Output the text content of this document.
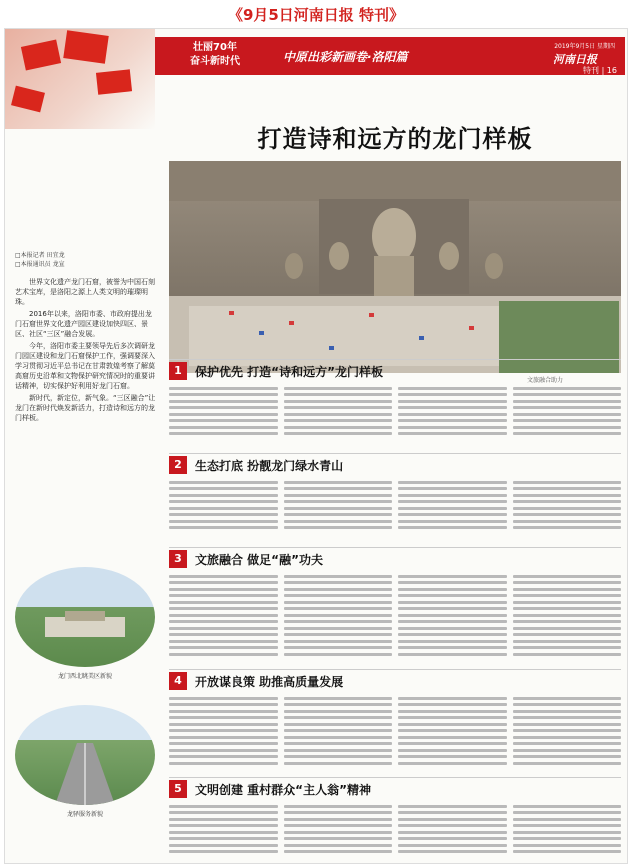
《9月5日河南日报 特刊》
壮丽70年
奋斗新时代	中原出彩新画卷·洛阳篇
2019年9月5日 星期四
河南日报
特刊 | 16
打造诗和远方的龙门样板
文旅融合助力
□本报记者 田宜龙
□本报通讯员 龙宣

世界文化遗产龙门石窟，被誉为中国石刻艺术宝库，是洛阳之源上人类文明的璀璨明珠。

2016年以来，洛阳市委、市政府提出龙门石窟世界文化遗产园区建设加快四区、景区、社区“三区”融合发展。

今年，洛阳市委主要领导先后多次调研龙门园区建设和龙门石窟保护工作，强调要深入学习贯彻习近平总书记在甘肃敦煌考察了解莫高窟历史沿革和文物保护研究情况时的重要讲话精神，切实保护好利用好龙门石窟。

新时代，新定位，新气象。“三区融合”让龙门在新时代焕发新活力，打造诗和远方的龙门样板。

龙门西北眺美区新貌
龙驿服务新貌
1	保护优先 打造“诗和远方”龙门样板
2	生态打底 扮靓龙门绿水青山
3	文旅融合 做足“融”功夫
4	开放谋良策 助推高质量发展
5	文明创建 重村群众“主人翁”精神
